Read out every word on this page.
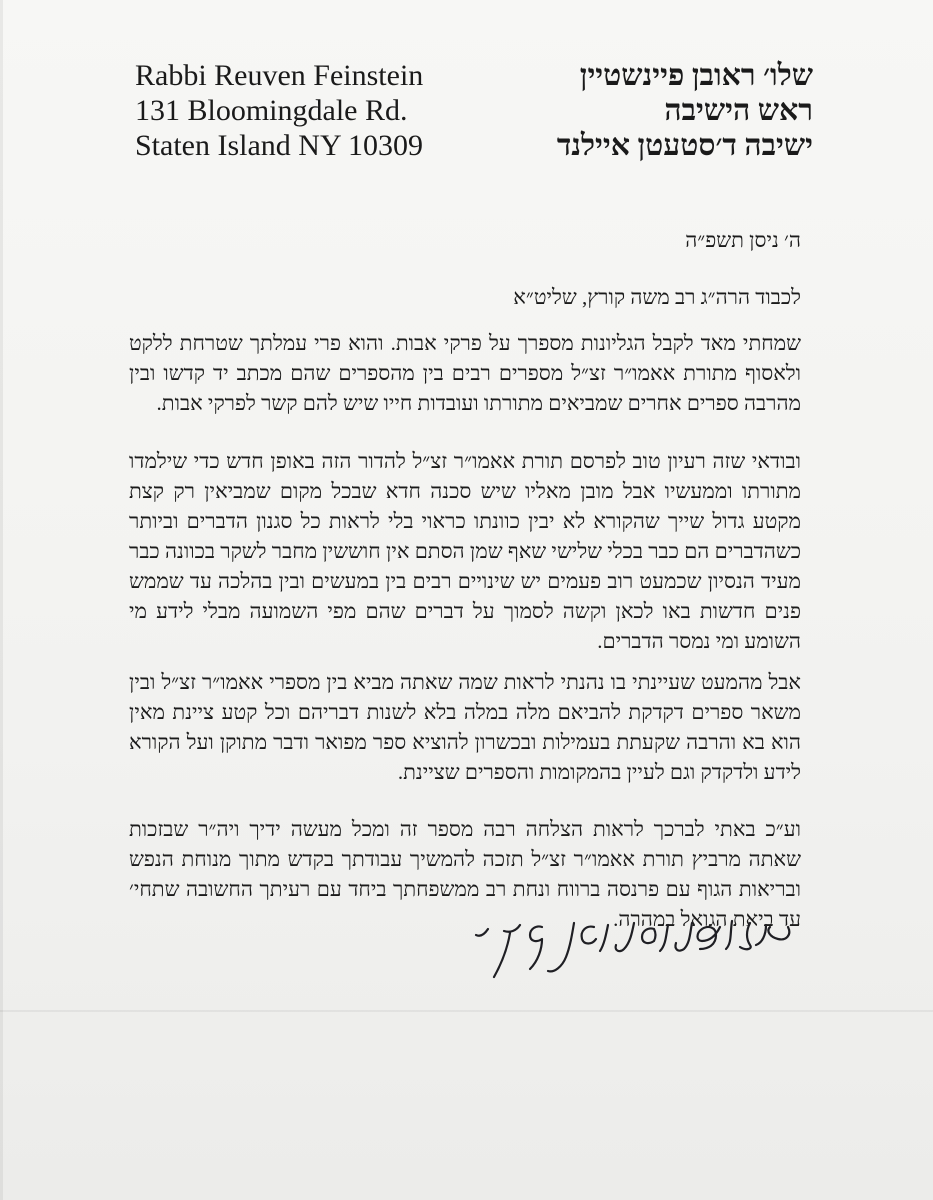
Rabbi Reuven Feinstein
131 Bloomingdale Rd.
Staten Island NY 10309
שלו׳ ראובן פיינשטיין
ראש הישיבה
ישיבה ד׳סטעטן איילנד
ה׳ ניסן תשפ״ה
לכבוד הרה״ג רב משה קורץ, שליט״א
שמחתי מאד לקבל הגליונות מספרך על פרקי אבות. והוא פרי עמלתך שטרחת ללקט ולאסוף מתורת אאמו״ר זצ״ל מספרים רבים בין מהספרים שהם מכתב יד קדשו ובין מהרבה ספרים אחרים שמביאים מתורתו ועובדות חייו שיש להם קשר לפרקי אבות.
ובודאי שזה רעיון טוב לפרסם תורת אאמו״ר זצ״ל להדור הזה באופן חדש כדי שילמדו מתורתו וממעשיו אבל מובן מאליו שיש סכנה חדא שבכל מקום שמביאין רק קצת מקטע גדול שייך שהקורא לא יבין כוונתו כראוי בלי לראות כל סגנון הדברים וביותר כשהדברים הם כבר בכלי שלישי שאף שמן הסתם אין חוששין מחבר לשקר בכוונה כבר מעיד הנסיון שכמעט רוב פעמים יש שינויים רבים בין במעשים ובין בהלכה עד שממש פנים חדשות באו לכאן וקשה לסמוך על דברים שהם מפי השמועה מבלי לידע מי השומע ומי נמסר הדברים.
אבל מהמעט שעיינתי בו נהנתי לראות שמה שאתה מביא בין מספרי אאמו״ר זצ״ל ובין משאר ספרים דקדקת להביאם מלה במלה בלא לשנות דבריהם וכל קטע ציינת מאין הוא בא והרבה שקעתת בעמילות ובכשרון להוציא ספר מפואר ודבר מתוקן ועל הקורא לידע ולדקדק וגם לעיין בהמקומות והספרים שציינת.
וע״כ באתי לברכך לראות הצלחה רבה מספר זה ומכל מעשה ידיך ויה״ר שבזכות שאתה מרביץ תורת אאמו״ר זצ״ל תזכה להמשיך עבודתך בקדש מתוך מנוחת הנפש ובריאות הגוף עם פרנסה ברווח ונחת רב ממשפחתך ביחד עם רעיתך החשובה שתחי׳ עד ביאת הגואל במהרה.
